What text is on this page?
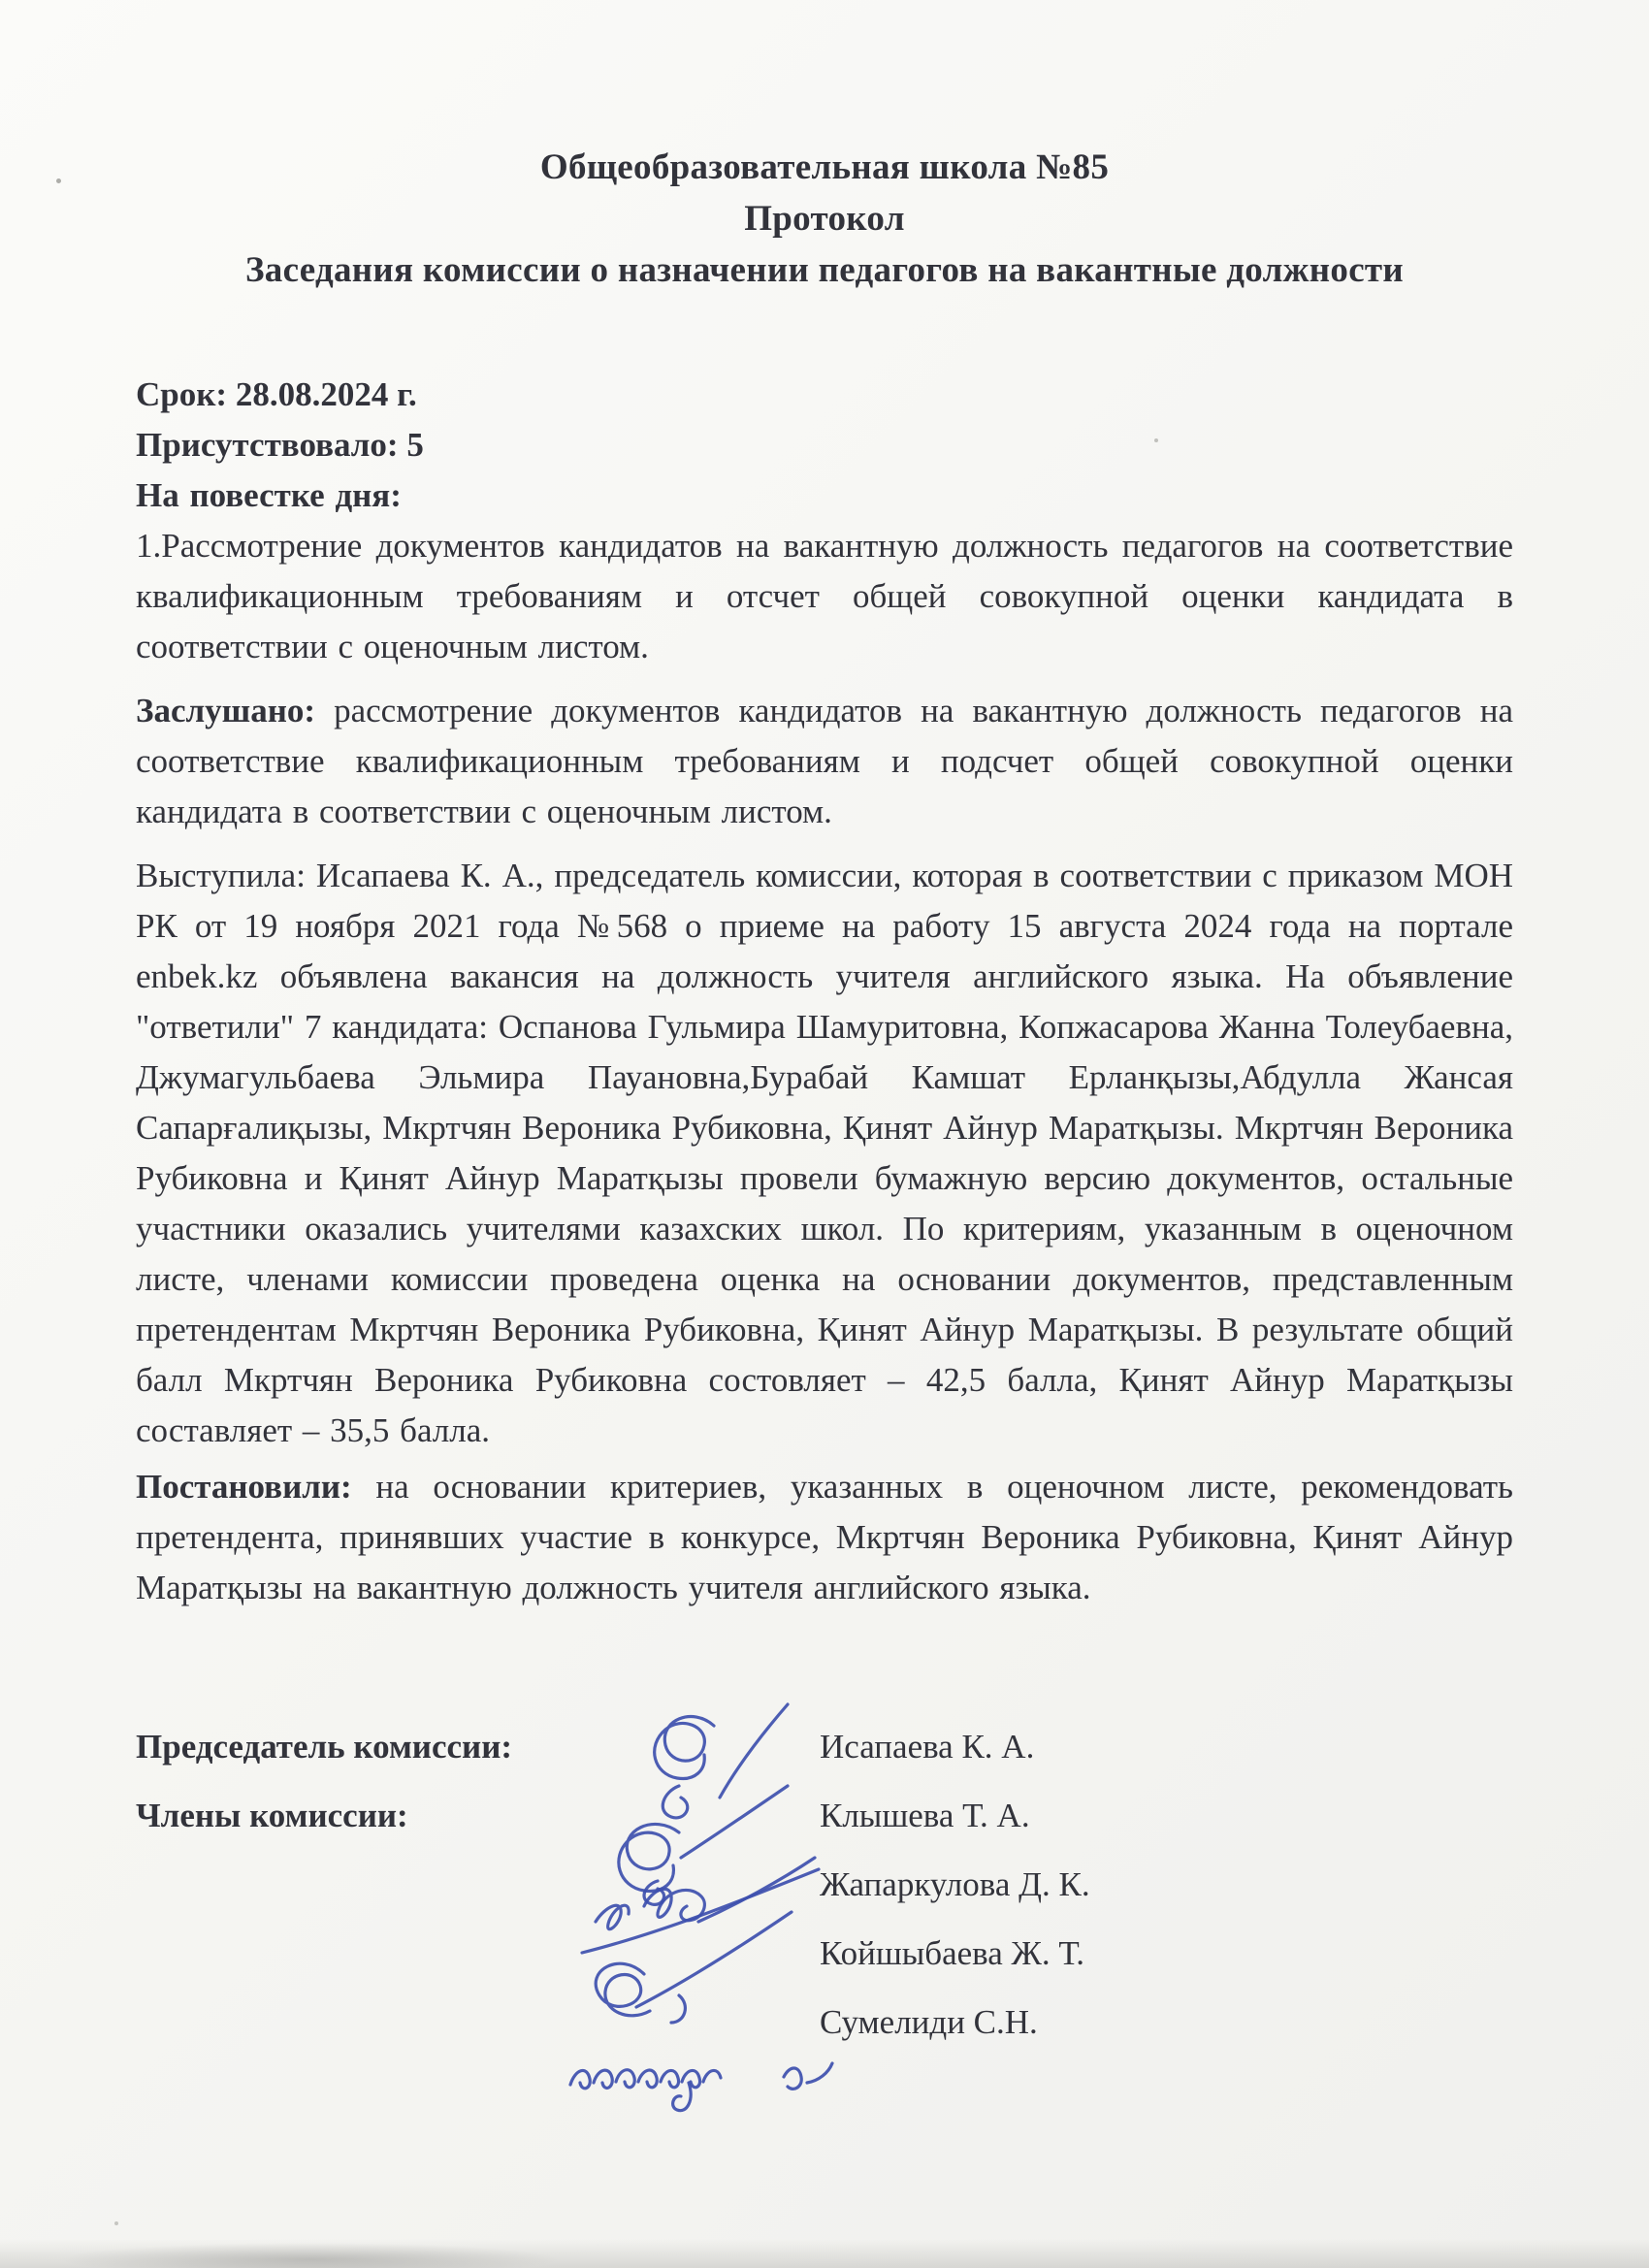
Общеобразовательная школа №85
Протокол
Заседания комиссии о назначении педагогов на вакантные должности

Срок: 28.08.2024 г.

Присутствовало: 5

На повестке дня:

1.Рассмотрение документов кандидатов на вакантную должность педагогов на соответствие квалификационным требованиям и отсчет общей совокупной оценки кандидата в соответствии с оценочным листом.

Заслушано: рассмотрение документов кандидатов на вакантную должность педагогов на соответствие квалификационным требованиям и подсчет общей совокупной оценки кандидата в соответствии с оценочным листом.

Выступила: Исапаева К. А., председатель комиссии, которая в соответствии с приказом МОН РК от 19 ноября 2021 года №568 о приеме на работу 15 августа 2024 года на портале enbek.kz объявлена вакансия на должность учителя английского языка. На объявление "ответили" 7 кандидата: Оспанова Гульмира Шамуритовна, Копжасарова Жанна Толеубаевна, Джумагульбаева Эльмира Пауановна,Бурабай Камшат Ерланқызы,Абдулла Жансая Сапарғалиқызы, Мкртчян Вероника Рубиковна, Қинят Айнур Маратқызы. Мкртчян Вероника Рубиковна и Қинят Айнур Маратқызы провели бумажную версию документов, остальные участники оказались учителями казахских школ. По критериям, указанным в оценочном листе, членами комиссии проведена оценка на основании документов, представленным претендентам Мкртчян Вероника Рубиковна, Қинят Айнур Маратқызы. В результате общий балл Мкртчян Вероника Рубиковна состовляет – 42,5 балла, Қинят Айнур Маратқызы составляет – 35,5 балла.

Постановили: на основании критериев, указанных в оценочном листе, рекомендовать претендента, принявших участие в конкурсе, Мкртчян Вероника Рубиковна, Қинят Айнур Маратқызы на вакантную должность учителя английского языка.

Председатель комиссии:	Исапаева К. А.
Члены комиссии:	Клышева Т. А.
Жапаркулова Д. К.
Койшыбаева Ж. Т.
Сумелиди С.Н.
